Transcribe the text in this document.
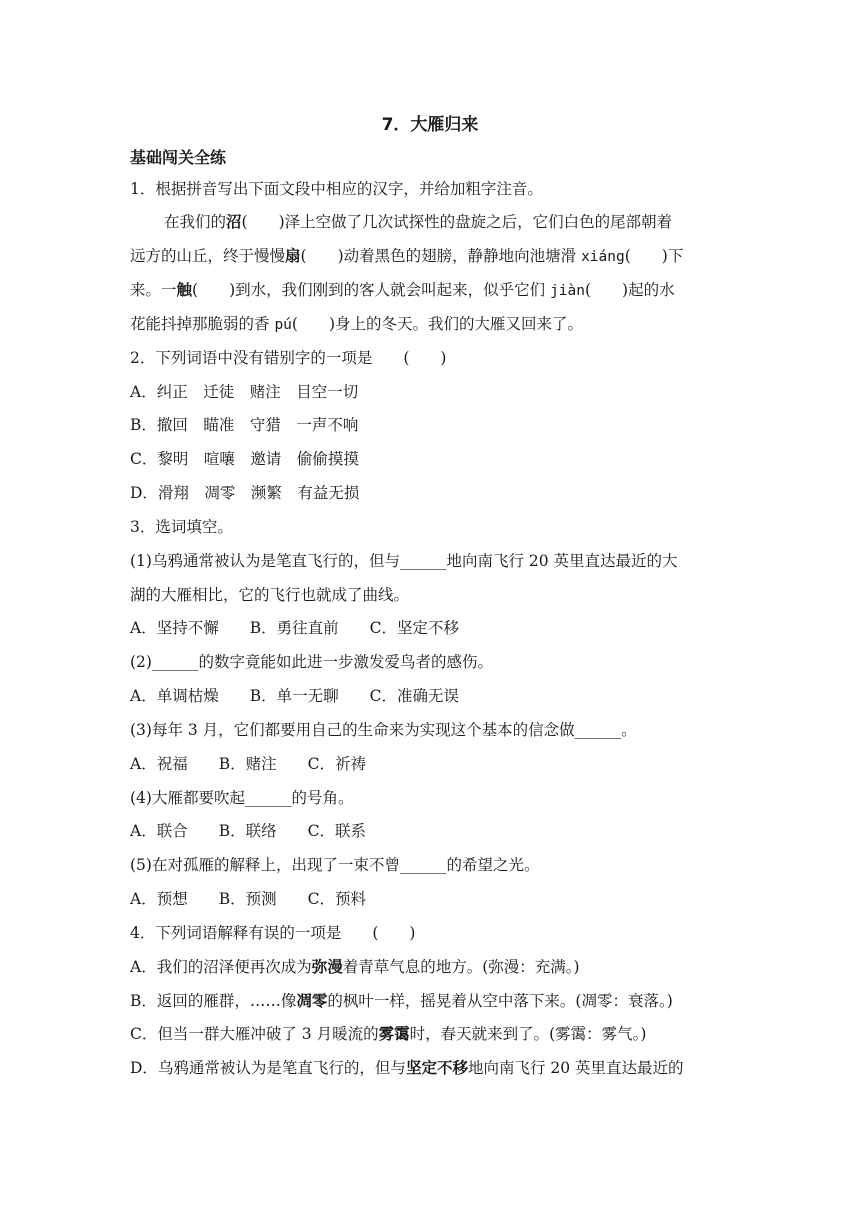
7．大雁归来
基础闯关全练
1．根据拼音写出下面文段中相应的汉字，并给加粗字注音。
在我们的沼(　　)泽上空做了几次试探性的盘旋之后，它们白色的尾部朝着
远方的山丘，终于慢慢扇(　　)动着黑色的翅膀，静静地向池塘滑 xiáng(　　)下
来。一触(　　)到水，我们刚到的客人就会叫起来，似乎它们 jiàn(　　)起的水
花能抖掉那脆弱的香 pú(　　)身上的冬天。我们的大雁又回来了。
2．下列词语中没有错别字的一项是　　(　　)
A．纠正　迁徒　赌注　目空一切
B．撤回　瞄准　守猎　一声不响
C．黎明　喧嚷　邀请　偷偷摸摸
D．滑翔　凋零　濒繁　有益无损
3．选词填空。
(1)乌鸦通常被认为是笔直飞行的，但与______地向南飞行 20 英里直达最近的大
湖的大雁相比，它的飞行也就成了曲线。
A．坚持不懈　　B．勇往直前　　C．坚定不移
(2)______的数字竟能如此进一步激发爱鸟者的感伤。
A．单调枯燥　　B．单一无聊　　C．准确无误
(3)每年 3 月，它们都要用自己的生命来为实现这个基本的信念做______。
A．祝福　　B．赌注　　C．祈祷
(4)大雁都要吹起______的号角。
A．联合　　B．联络　　C．联系
(5)在对孤雁的解释上，出现了一束不曾______的希望之光。
A．预想　　B．预测　　C．预料
4．下列词语解释有误的一项是　　(　　)
A．我们的沼泽便再次成为弥漫着青草气息的地方。(弥漫：充满。)
B．返回的雁群，……像凋零的枫叶一样，摇晃着从空中落下来。(凋零：衰落。)
C．但当一群大雁冲破了 3 月暖流的雾霭时，春天就来到了。(雾霭：雾气。)
D．乌鸦通常被认为是笔直飞行的，但与坚定不移地向南飞行 20 英里直达最近的
